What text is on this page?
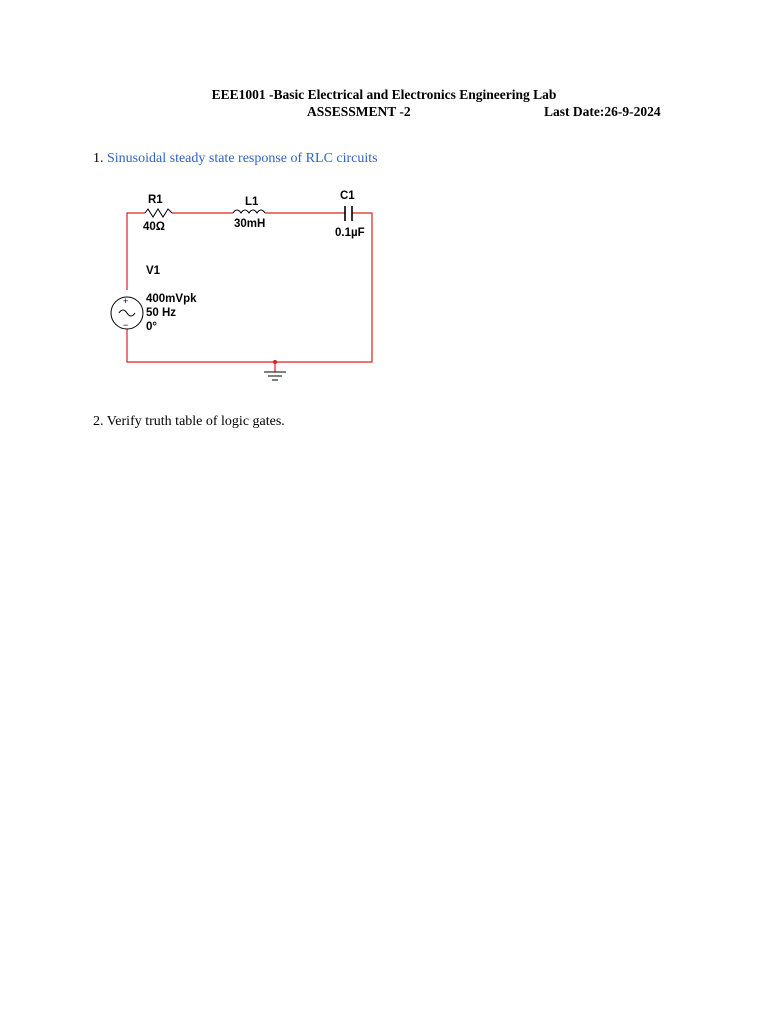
EEE1001 -Basic Electrical and Electronics Engineering Lab
ASSESSMENT -2	Last Date:26-9-2024
1. Sinusoidal steady state response of RLC circuits
R1
40Ω
L1
30mH
C1
0.1µF
+
−
V1
400mVpk
50 Hz
0°
2. Verify truth table of logic gates.
